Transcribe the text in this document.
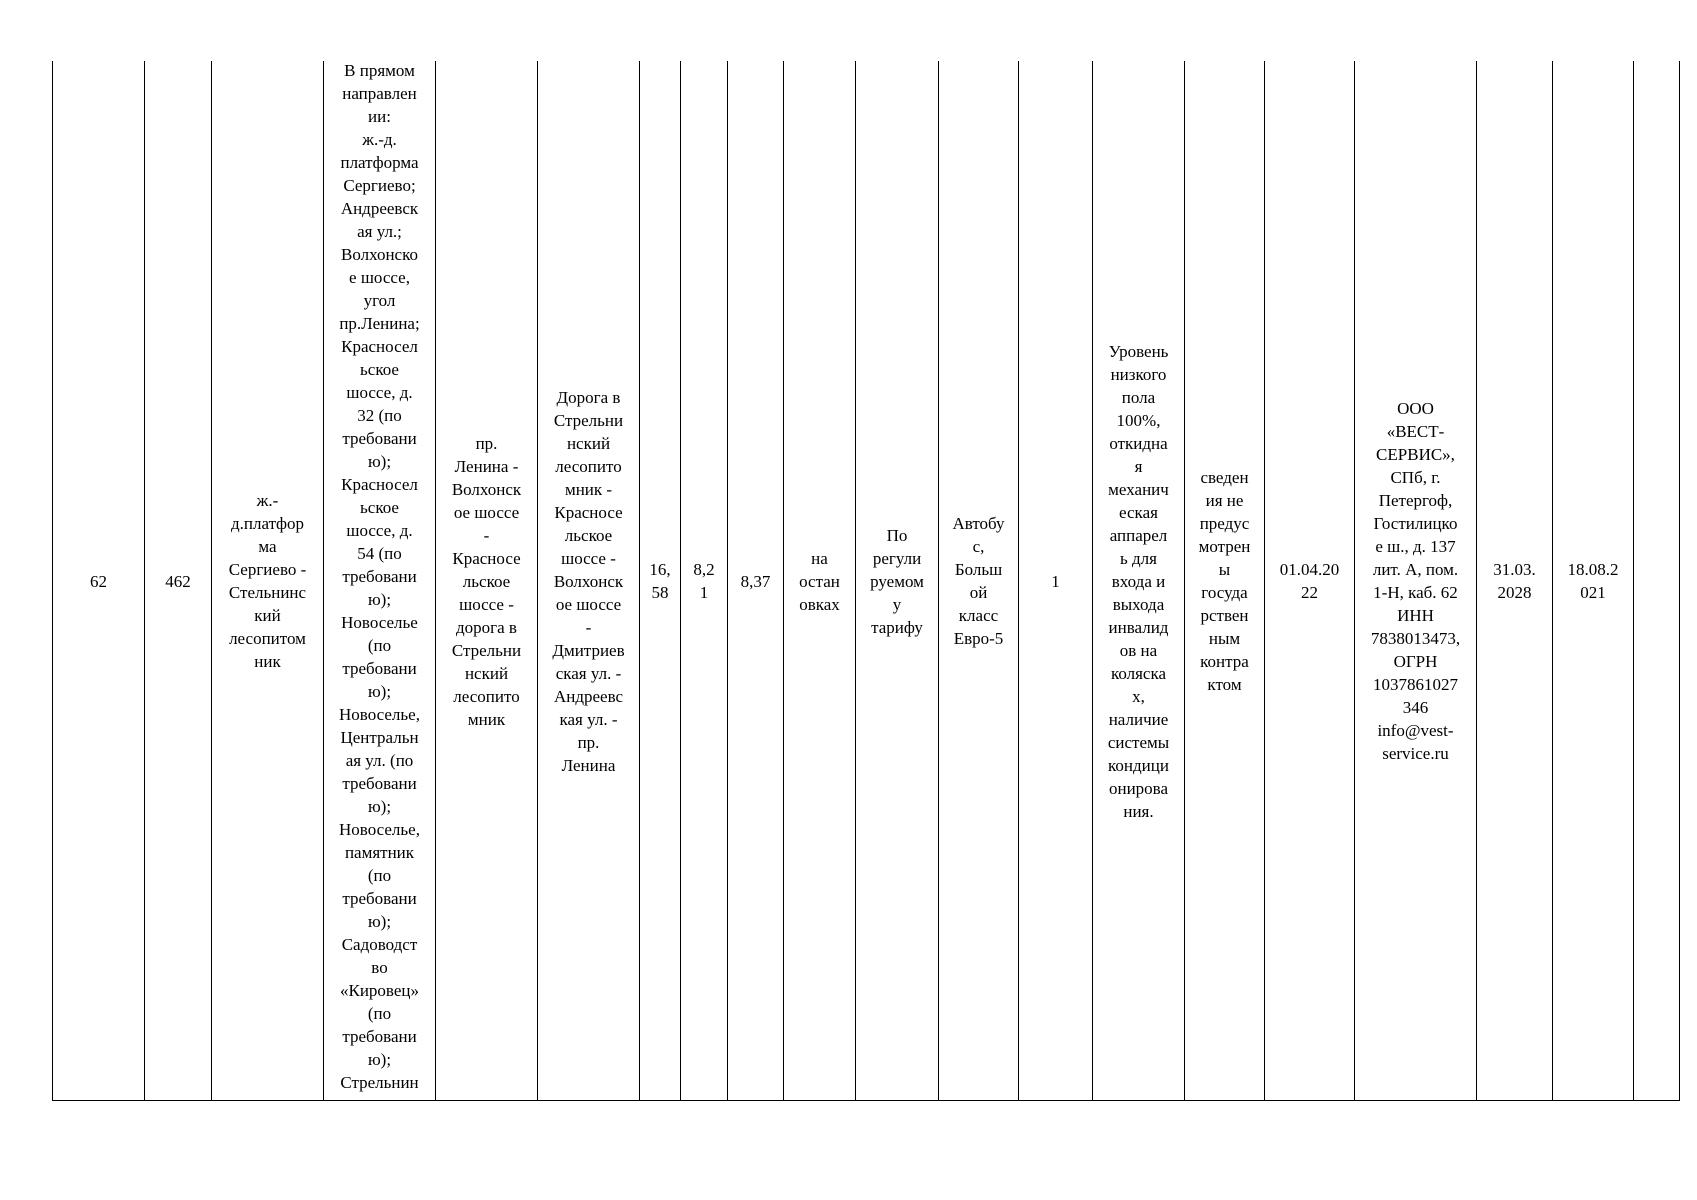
62	462
ж.-
д.платфор
ма
Сергиево -
Стельнинс
кий
лесопитом
ник
В прямом
направлен
ии:
ж.-д.
платформа
Сергиево;
Андреевск
ая ул.;
Волхонско
е шоссе,
угол
пр.Ленина;
Красносел
ьское
шоссе, д.
32 (по
требовани
ю);
Красносел
ьское
шоссе, д.
54 (по
требовани
ю);
Новоселье
(по
требовани
ю);
Новоселье,
Центральн
ая ул. (по
требовани
ю);
Новоселье,
памятник
(по
требовани
ю);
Садоводст
во
«Кировец»
(по
требовани
ю);
Стрельнин
пр.
Ленина -
Волхонск
ое шоссе
-
Красносе
льское
шоссе -
дорога в
Стрельни
нский
лесопито
мник
Дорога в
Стрельни
нский
лесопито
мник -
Красносе
льское
шоссе -
Волхонск
ое шоссе
-
Дмитриев
ская ул. -
Андреевс
кая ул. -
пр.
Ленина
16,
58
8,2
1
8,37
на
остан
овках
По
регули
руемом
у
тарифу
Автобу
с,
Больш
ой
класс
Евро-5
1
Уровень
низкого
пола
100%,
откидна
я
механич
еская
аппарел
ь для
входа и
выхода
инвалид
ов на
коляска
х,
наличие
системы
кондици
онирова
ния.
сведен
ия не
предус
мотрен
ы
госуда
рствен
ным
контра
ктом
01.04.20
22
ООО
«ВЕСТ-
СЕРВИС»,
СПб, г.
Петергоф,
Гостилицко
е ш., д. 137
лит. А, пом.
1-Н, каб. 62
ИНН
7838013473,
ОГРН
1037861027
346
info@vest-
service.ru
31.03.
2028
18.08.2
021
